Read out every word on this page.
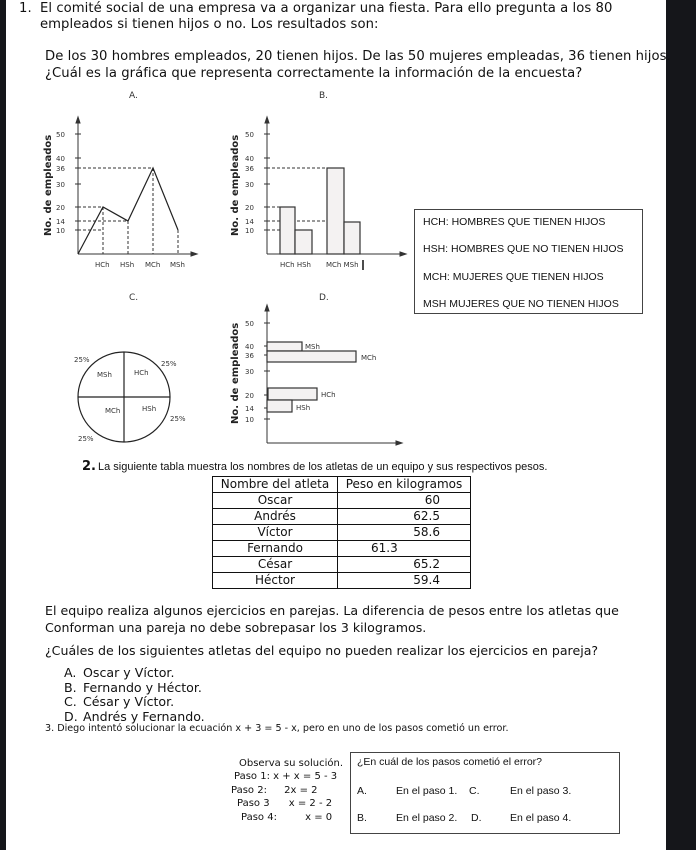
1. El comité social de una empresa va a organizar una fiesta. Para ello pregunta a los 80
empleados si tienen hijos o no. Los resultados son:
De los 30 hombres empleados, 20 tienen hijos. De las 50 mujeres empleadas, 36 tienen hijos.
¿Cuál es la gráfica que representa correctamente la información de la encuesta?
A.	B.
C.	D.
No. de empleados	No. de empleados
No. de empleados
50
40
36
30
20
14
10
HCh HSh MCh MSh
50
40
36
30
20
14
10
HCh HSh MCh MSh
HCH: HOMBRES QUE TIENEN HIJOS
HSH: HOMBRES QUE NO TIENEN HIJOS
MCH: MUJERES QUE TIENEN HIJOS
MSH MUJERES QUE NO TIENEN HIJOS
MSh	HCh
MCh	HSh
25%	25%
25%
25%
50
40
36
30
20
14
10
MSh
MCh
HCh
HSh
2. La siguiente tabla muestra los nombres de los atletas de un equipo y sus respectivos pesos.
Nombre del atleta	Peso en kilogramos
Oscar	60
Andrés	62.5
Víctor	58.6
Fernando	61.3
César	65.2
Héctor	59.4
El equipo realiza algunos ejercicios en parejas. La diferencia de pesos entre los atletas que
Conforman una pareja no debe sobrepasar los 3 kilogramos.
¿Cuáles de los siguientes atletas del equipo no pueden realizar los ejercicios en pareja?
A. Oscar y Víctor.
B. Fernando y Héctor.
C. César y Víctor.
D. Andrés y Fernando.
3. Diego intentó solucionar la ecuación x + 3 = 5 - x, pero en uno de los pasos cometió un error.
Observa su solución.
Paso 1: x + x = 5 - 3
Paso 2: 2x = 2
Paso 3 x = 2 - 2
Paso 4:	x = 0
¿En cuál de los pasos cometió el error?
A.	En el paso 1. C.	En el paso 3.
B.	En el paso 2. D.	En el paso 4.
